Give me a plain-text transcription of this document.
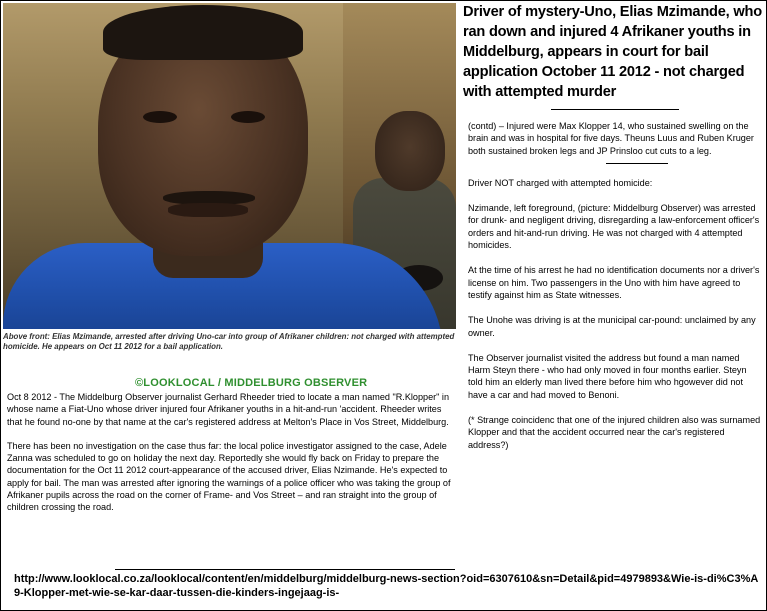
Driver of mystery-Uno, Elias Mzimande, who ran down and injured 4 Afrikaner youths in Middelburg, appears in court for bail application October 11 2012 - not charged with attempted murder

(contd) – Injured were Max Klopper 14, who sustained swelling on the brain and was in hospital for five days. Theuns Luus and Ruben Kruger both sustained broken legs and JP Prinsloo cut cuts to a leg.

Driver NOT charged with attempted homicide:

Nzimande, left foreground, (picture: Middelburg Observer) was arrested for drunk- and negligent driving, disregarding a law-enforcement officer's orders and hit-and-run driving. He was not charged with 4 attempted homicides.

At the time of his arrest he had no identification documents nor a driver's license on him. Two passengers in the Uno with him have agreed to testify against him as State witnesses.

The Unohe was driving is at the municipal car-pound: unclaimed by any owner.

The Observer journalist visited the address but found a man named Harm Steyn there - who had only moved in four months earlier. Steyn told him an elderly man lived there before him who hgowever did not have a car and had moved to Benoni.

(* Strange coincidenc that one of the injured children also was surnamed Klopper and that the accident occurred near the car's registered address?)

Above front: Elias Mzimande, arrested after driving Uno-car into group of Afrikaner children: not charged with attempted homicide. He appears on Oct 11 2012 for a bail application.
©LOOKLOCAL / MIDDELBURG OBSERVER

Oct 8 2012 - The Middelburg Observer journalist Gerhard Rheeder tried to locate a man named "R.Klopper" in whose name a Fiat-Uno whose driver injured four Afrikaner youths in a hit-and-run 'accident. Rheeder writes that he found no-one by that name at the car's registered address at Melton's Place in Vos Street, Middelburg.

There has been no investigation on the case thus far: the local police investigator assigned to the case, Adele Zanna was scheduled to go on holiday the next day. Reportedly she would fly back on Friday to prepare the documentation for the Oct 11 2012 court-appearance of the accused driver, Elias Nzimande. He's expected to apply for bail. The man was arrested after ignoring the warnings of a police officer who was taking the group of Afrikaner pupils across the road on the corner of Frame- and Vos Street – and ran straight into the group of children crossing the road.

http://www.looklocal.co.za/looklocal/content/en/middelburg/middelburg-news-section?oid=6307610&sn=Detail&pid=4979893&Wie-is-di%C3%A9-Klopper-met-wie-se-kar-daar-tussen-die-kinders-ingejaag-is-
